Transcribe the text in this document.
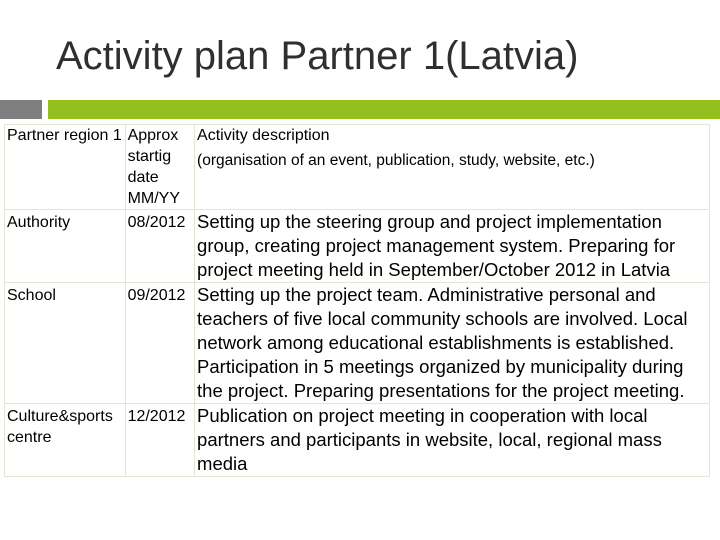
Activity plan Partner 1(Latvia)
Partner region 1	Approx startig date MM/YY	Activity description
(organisation of an event, publication, study, website, etc.)

Authority	08/2012	Setting up the steering group and project implementation group, creating project management system. Preparing for project meeting held in September/October 2012 in Latvia
School	09/2012	Setting up the project team. Administrative personal and teachers of five local community schools are involved. Local network among educational establishments is established. Participation in 5 meetings organized by municipality during the project. Preparing presentations for the project meeting.
Culture&sports centre	12/2012	Publication on project meeting in cooperation with local partners and participants in website, local, regional mass media
